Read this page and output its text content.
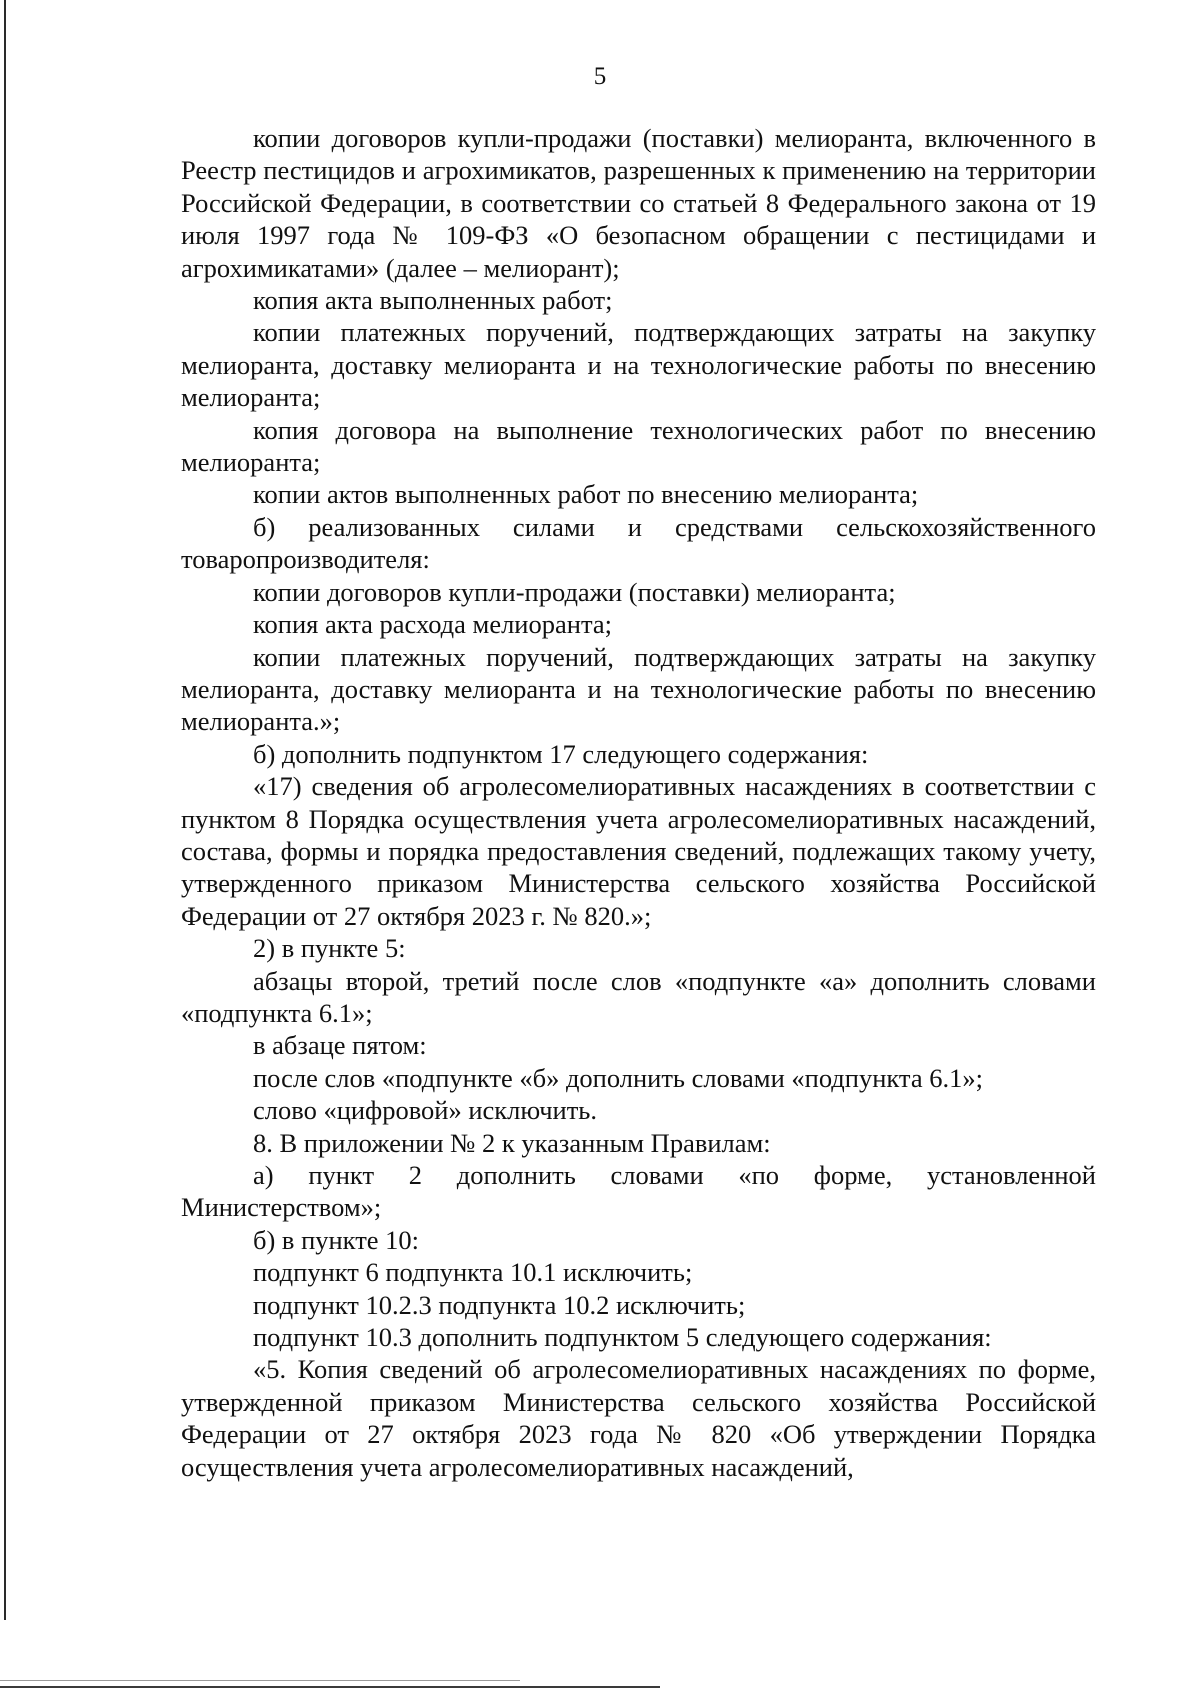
5

копии договоров купли-продажи (поставки) мелиоранта, включенного в Реестр пестицидов и агрохимикатов, разрешенных к применению на территории Российской Федерации, в соответствии со статьей 8 Федерального закона от 19 июля 1997 года № 109-ФЗ «О безопасном обращении с пестицидами и агрохимикатами» (далее – мелиорант);

копия акта выполненных работ;

копии платежных поручений, подтверждающих затраты на закупку мелиоранта, доставку мелиоранта и на технологические работы по внесению мелиоранта;

копия договора на выполнение технологических работ по внесению мелиоранта;

копии актов выполненных работ по внесению мелиоранта;

б) реализованных силами и средствами сельскохозяйственного товаропроизводителя:

копии договоров купли-продажи (поставки) мелиоранта;

копия акта расхода мелиоранта;

копии платежных поручений, подтверждающих затраты на закупку мелиоранта, доставку мелиоранта и на технологические работы по внесению мелиоранта.»;

б) дополнить подпунктом 17 следующего содержания:

«17) сведения об агролесомелиоративных насаждениях в соответствии с пунктом 8 Порядка осуществления учета агролесомелиоративных насаждений, состава, формы и порядка предоставления сведений, подлежащих такому учету, утвержденного приказом Министерства сельского хозяйства Российской Федерации от 27 октября 2023 г. № 820.»;

2) в пункте 5:

абзацы второй, третий после слов «подпункте «а» дополнить словами «подпункта 6.1»;

в абзаце пятом:

после слов «подпункте «б» дополнить словами «подпункта 6.1»;

слово «цифровой» исключить.

8. В приложении № 2 к указанным Правилам:

а) пункт 2 дополнить словами «по форме, установленной Министерством»;

б) в пункте 10:

подпункт 6 подпункта 10.1 исключить;

подпункт 10.2.3 подпункта 10.2 исключить;

подпункт 10.3 дополнить подпунктом 5 следующего содержания:

«5. Копия сведений об агролесомелиоративных насаждениях по форме, утвержденной приказом Министерства сельского хозяйства Российской Федерации от 27 октября 2023 года № 820 «Об утверждении Порядка осуществления учета агролесомелиоративных насаждений,
